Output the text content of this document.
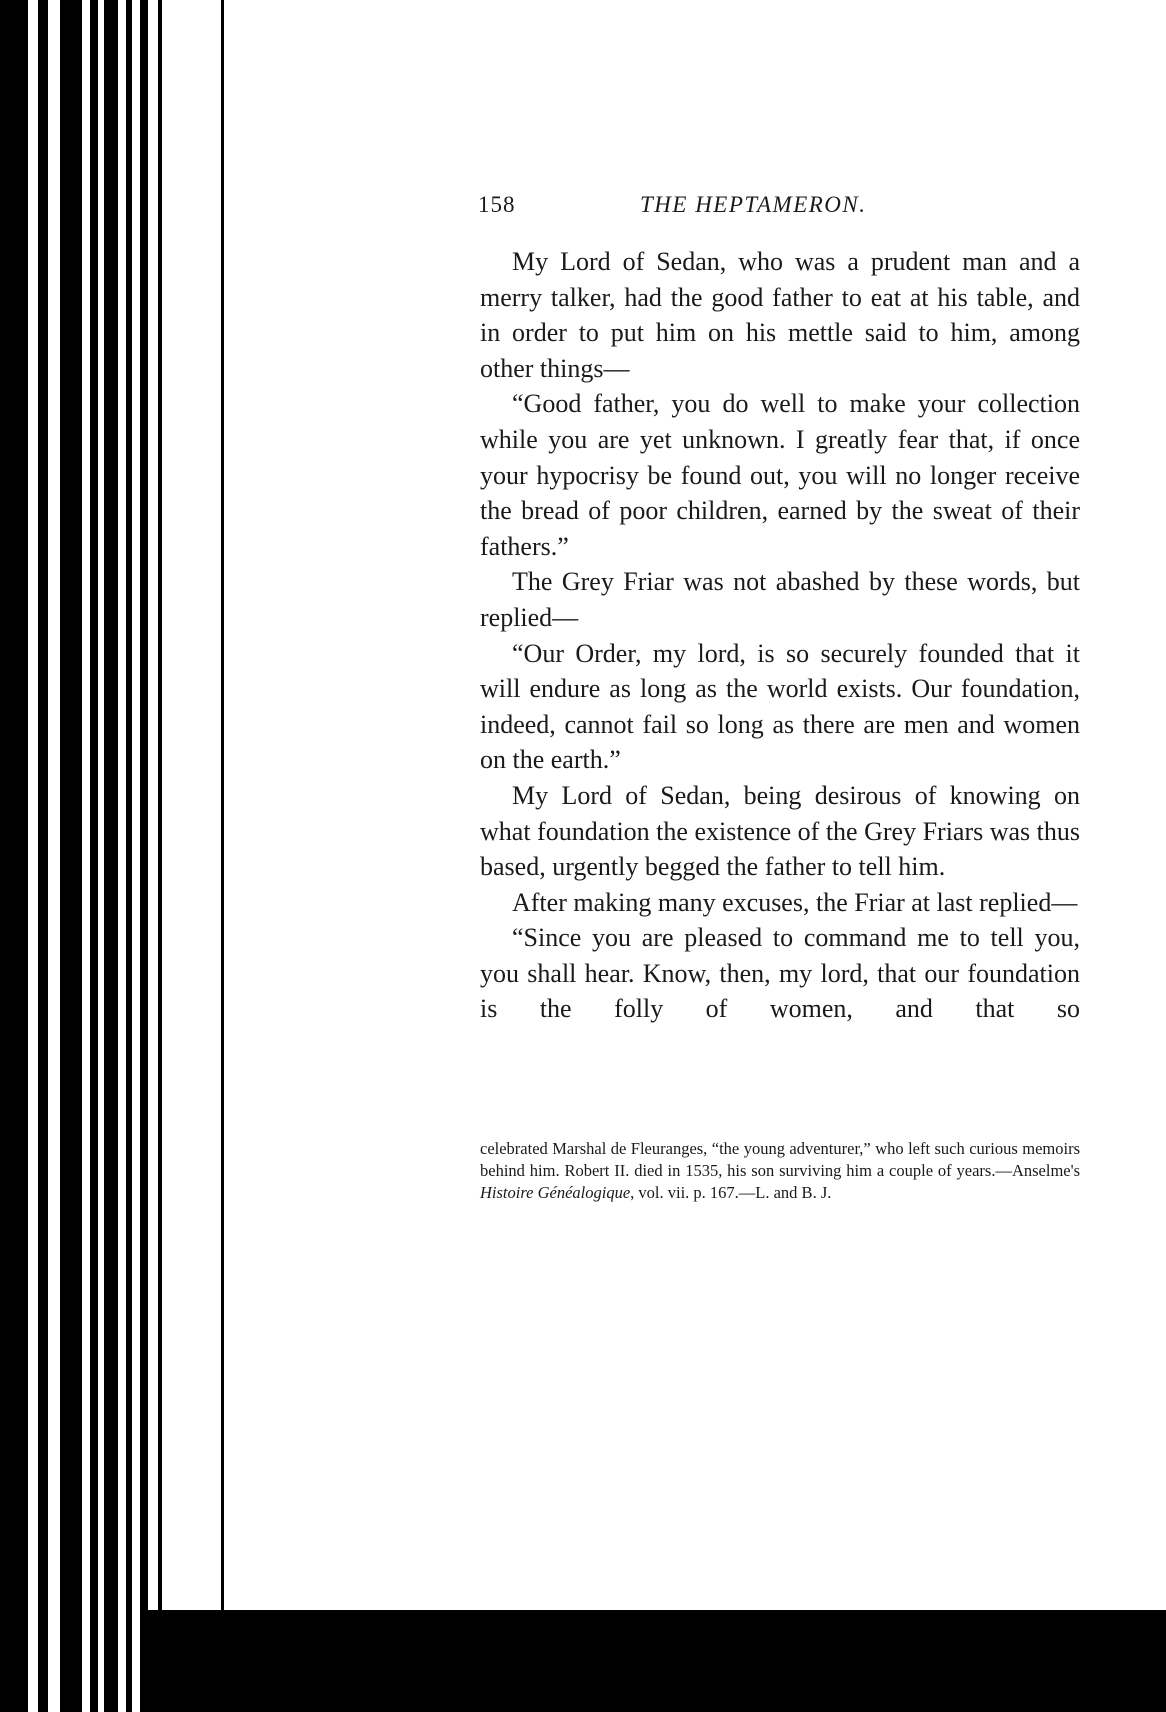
158	THE HEPTAMERON.

My Lord of Sedan, who was a prudent man and a merry talker, had the good father to eat at his table, and in order to put him on his mettle said to him, among other things—

“Good father, you do well to make your collection while you are yet unknown. I greatly fear that, if once your hypocrisy be found out, you will no longer receive the bread of poor children, earned by the sweat of their fathers.”

The Grey Friar was not abashed by these words, but replied—

“Our Order, my lord, is so securely founded that it will endure as long as the world exists. Our foundation, indeed, cannot fail so long as there are men and women on the earth.”

My Lord of Sedan, being desirous of knowing on what foundation the existence of the Grey Friars was thus based, urgently begged the father to tell him.

After making many excuses, the Friar at last replied—

“Since you are pleased to command me to tell you, you shall hear. Know, then, my lord, that our foundation is the folly of women, and that so

celebrated Marshal de Fleuranges, “the young adventurer,” who left such curious memoirs behind him. Robert II. died in 1535, his son surviving him a couple of years.—Anselme's Histoire Généalogique, vol. vii. p. 167.—L. and B. J.
